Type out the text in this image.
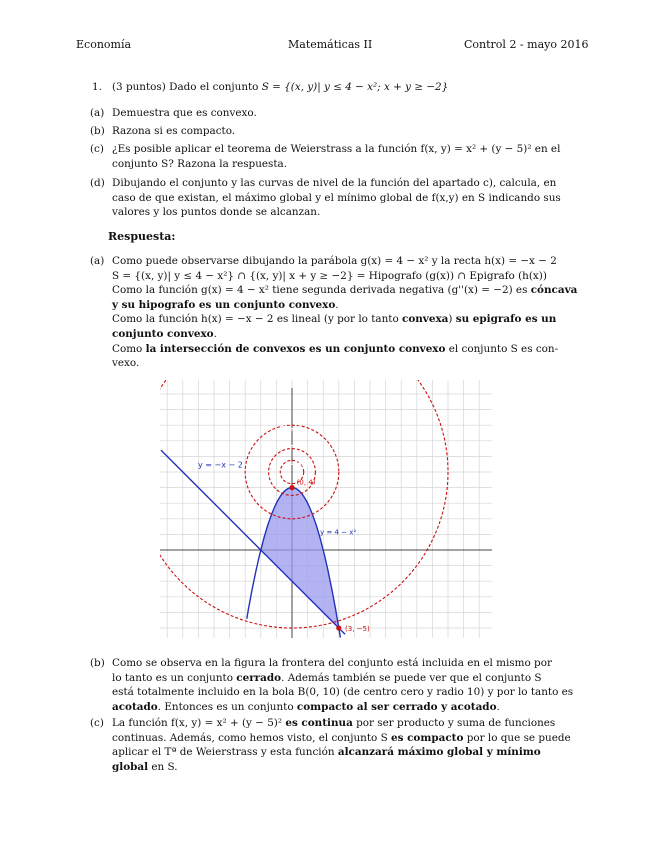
Economía	Matemáticas II	Control 2 - mayo 2016
1. (3 puntos) Dado el conjunto S = {(x, y)| y ≤ 4 − x²; x + y ≥ −2}
(a) Demuestra que es convexo.
(b) Razona si es compacto.
(c) ¿Es posible aplicar el teorema de Weierstrass a la función f(x, y) = x² + (y − 5)² en el
conjunto S? Razona la respuesta.
(d) Dibujando el conjunto y las curvas de nivel de la función del apartado c), calcula, en
caso de que existan, el máximo global y el mínimo global de f(x,y) en S indicando sus
valores y los puntos donde se alcanzan.
Respuesta:
(a) Como puede observarse dibujando la parábola g(x) = 4 − x² y la recta h(x) = −x − 2
S = {(x, y)| y ≤ 4 − x²} ∩ {(x, y)| x + y ≥ −2} = Hipografo (g(x)) ∩ Epigrafo (h(x))
Como la función g(x) = 4 − x² tiene segunda derivada negativa (g''(x) = −2) es cóncava
y su hipografo es un conjunto convexo.
Como la función h(x) = −x − 2 es lineal (y por lo tanto convexa) su epigrafo es un
conjunto convexo.
Como la intersección de convexos es un conjunto convexo el conjunto S es con-
vexo.
y = −x − 2
y = 4 − x²
C = 9
C = 1
C = 1/4
(0, 4)
(3, −5)
(b) Como se observa en la figura la frontera del conjunto está incluida en el mismo por
lo tanto es un conjunto cerrado. Además también se puede ver que el conjunto S
está totalmente incluido en la bola B(0, 10) (de centro cero y radio 10) y por lo tanto es
acotado. Entonces es un conjunto compacto al ser cerrado y acotado.
(c) La función f(x, y) = x² + (y − 5)² es continua por ser producto y suma de funciones
continuas. Además, como hemos visto, el conjunto S es compacto por lo que se puede
aplicar el Tª de Weierstrass y esta función alcanzará máximo global y mínimo
global en S.
